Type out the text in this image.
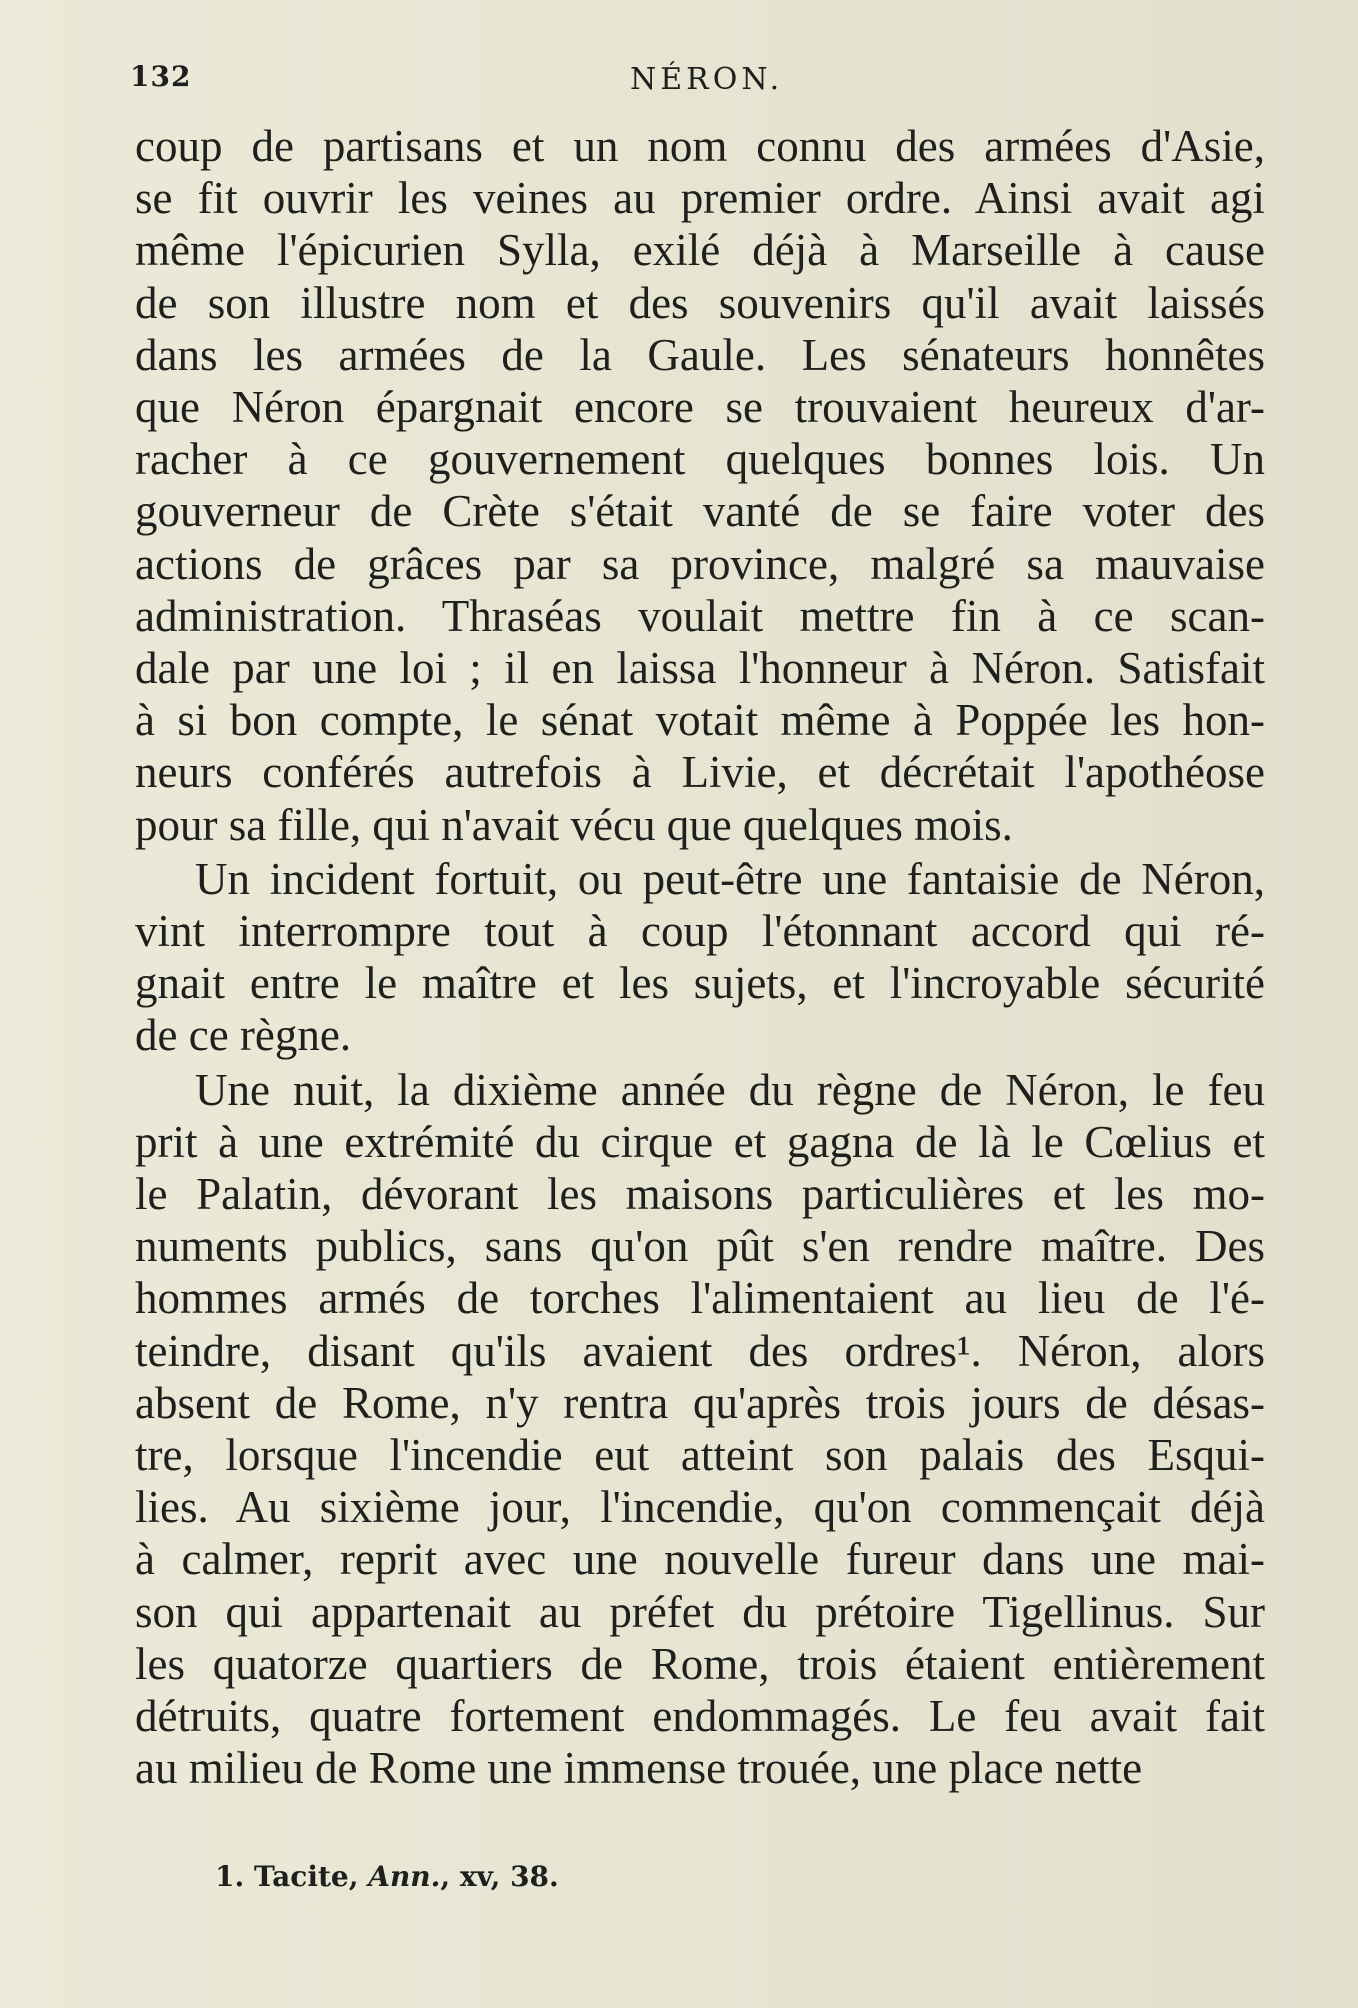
132	NÉRON.
coup de partisans et un nom connu des armées d'Asie,
se fit ouvrir les veines au premier ordre. Ainsi avait agi
même l'épicurien Sylla, exilé déjà à Marseille à cause
de son illustre nom et des souvenirs qu'il avait laissés
dans les armées de la Gaule. Les sénateurs honnêtes
que Néron épargnait encore se trouvaient heureux d'ar-
racher à ce gouvernement quelques bonnes lois. Un
gouverneur de Crète s'était vanté de se faire voter des
actions de grâces par sa province, malgré sa mauvaise
administration. Thraséas voulait mettre fin à ce scan-
dale par une loi ; il en laissa l'honneur à Néron. Satisfait
à si bon compte, le sénat votait même à Poppée les hon-
neurs conférés autrefois à Livie, et décrétait l'apothéose
pour sa fille, qui n'avait vécu que quelques mois.
Un incident fortuit, ou peut-être une fantaisie de Néron,
vint interrompre tout à coup l'étonnant accord qui ré-
gnait entre le maître et les sujets, et l'incroyable sécurité
de ce règne.
Une nuit, la dixième année du règne de Néron, le feu
prit à une extrémité du cirque et gagna de là le Cœlius et
le Palatin, dévorant les maisons particulières et les mo-
numents publics, sans qu'on pût s'en rendre maître. Des
hommes armés de torches l'alimentaient au lieu de l'é-
teindre, disant qu'ils avaient des ordres¹. Néron, alors
absent de Rome, n'y rentra qu'après trois jours de désas-
tre, lorsque l'incendie eut atteint son palais des Esqui-
lies. Au sixième jour, l'incendie, qu'on commençait déjà
à calmer, reprit avec une nouvelle fureur dans une mai-
son qui appartenait au préfet du prétoire Tigellinus. Sur
les quatorze quartiers de Rome, trois étaient entièrement
détruits, quatre fortement endommagés. Le feu avait fait
au milieu de Rome une immense trouée, une place nette
1. Tacite, Ann., xv, 38.
